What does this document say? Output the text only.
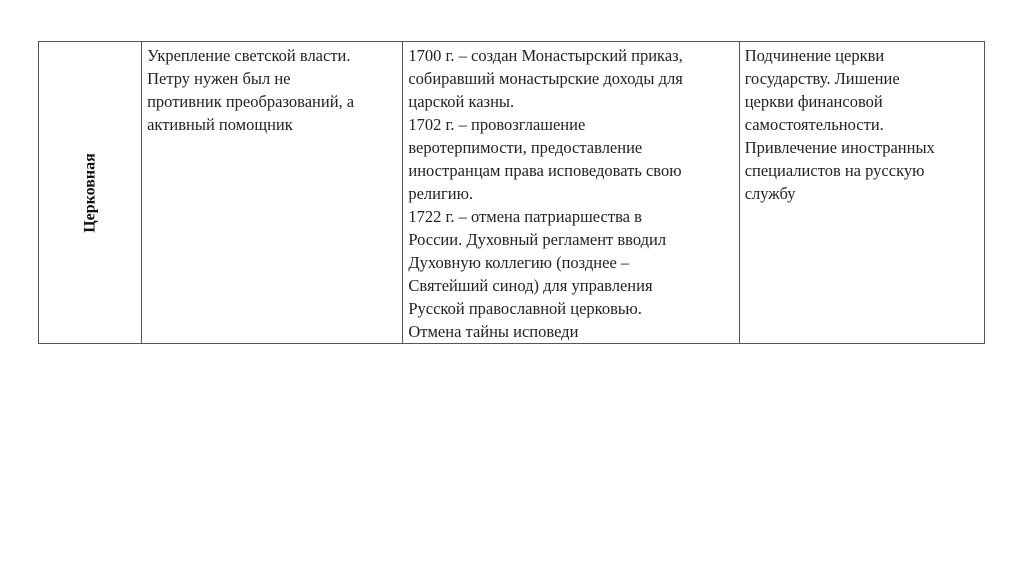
Церковная

Укрепление светской власти.
Петру нужен был не
противник преобразований, а
активный помощник

1700 г. – создан Монастырский приказ,
собиравший монастырские доходы для
царской казны.
1702 г. – провозглашение
веротерпимости, предоставление
иностранцам права исповедовать свою
религию.
1722 г. – отмена патриаршества в
России. Духовный регламент вводил
Духовную коллегию (позднее –
Святейший синод) для управления
Русской православной церковью.
Отмена тайны исповеди

Подчинение церкви
государству. Лишение
церкви финансовой
самостоятельности.
Привлечение иностранных
специалистов на русскую
службу
